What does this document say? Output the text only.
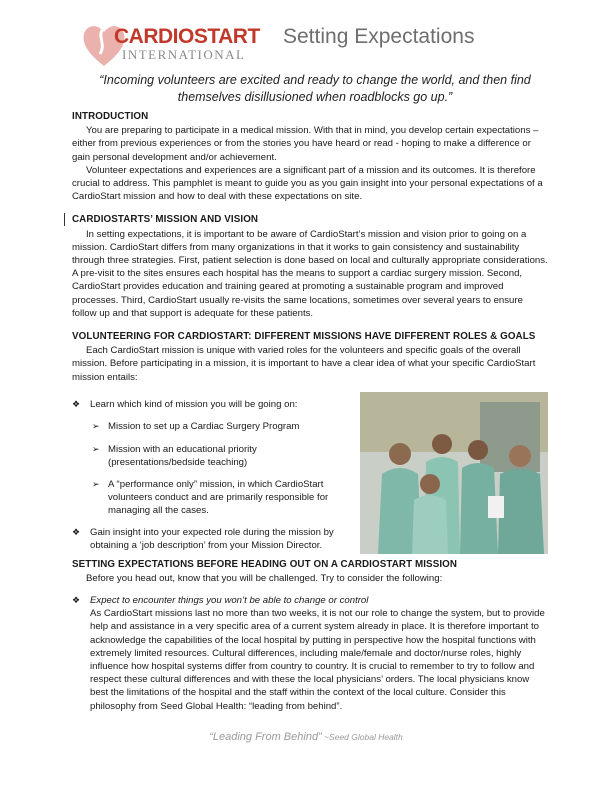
CARDIOSTART
INTERNATIONAL
Setting Expectations
“Incoming volunteers are excited and ready to change the world, and then find themselves disillusioned when roadblocks go up.”
INTRODUCTION

You are preparing to participate in a medical mission. With that in mind, you develop certain expectations – either from previous experiences or from the stories you have heard or read - hoping to make a difference or gain personal development and/or achievement.

Volunteer expectations and experiences are a significant part of a mission and its outcomes. It is therefore crucial to address. This pamphlet is meant to guide you as you gain insight into your personal expectations of a CardioStart mission and how to deal with these expectations on site.

CARDIOSTARTS’ MISSION AND VISION

In setting expectations, it is important to be aware of CardioStart’s mission and vision prior to going on a mission. CardioStart differs from many organizations in that it works to gain consistency and sustainability through three strategies. First, patient selection is done based on local and culturally appropriate considerations. A pre-visit to the sites ensures each hospital has the means to support a cardiac surgery mission. Second, CardioStart provides education and training geared at promoting a sustainable program and improved processes. Third, CardioStart usually re-visits the same locations, sometimes over several years to ensure follow up and that support is adequate for these patients.

VOLUNTEERING FOR CARDIOSTART: DIFFERENT MISSIONS HAVE DIFFERENT ROLES & GOALS

Each CardioStart mission is unique with varied roles for the volunteers and specific goals of the overall mission. Before participating in a mission, it is important to have a clear idea of what your specific CardioStart mission entails:

❖ Learn which kind of mission you will be going on:
➢ Mission to set up a Cardiac Surgery Program
➢ Mission with an educational priority (presentations/bedside teaching)
➢ A “performance only” mission, in which CardioStart volunteers conduct and are primarily responsible for managing all the cases.
❖ Gain insight into your expected role during the mission by obtaining a ‘job description’ from your Mission Director.
SETTING EXPECTATIONS BEFORE HEADING OUT ON A CARDIOSTART MISSION

Before you head out, know that you will be challenged. Try to consider the following:

❖ Expect to encounter things you won’t be able to change or control

As CardioStart missions last no more than two weeks, it is not our role to change the system, but to provide help and assistance in a very specific area of a current system already in place. It is therefore important to acknowledge the capabilities of the local hospital by putting in perspective how the hospital functions with extremely limited resources. Cultural differences, including male/female and doctor/nurse roles, highly influence how hospital systems differ from country to country. It is crucial to remember to try to follow and respect these cultural differences and with these the local physicians’ orders. The local physicians know best the limitations of the hospital and the staff within the context of the local culture. Consider this philosophy from Seed Global Health: “leading from behind”.

“Leading From Behind” ~Seed Global Health
